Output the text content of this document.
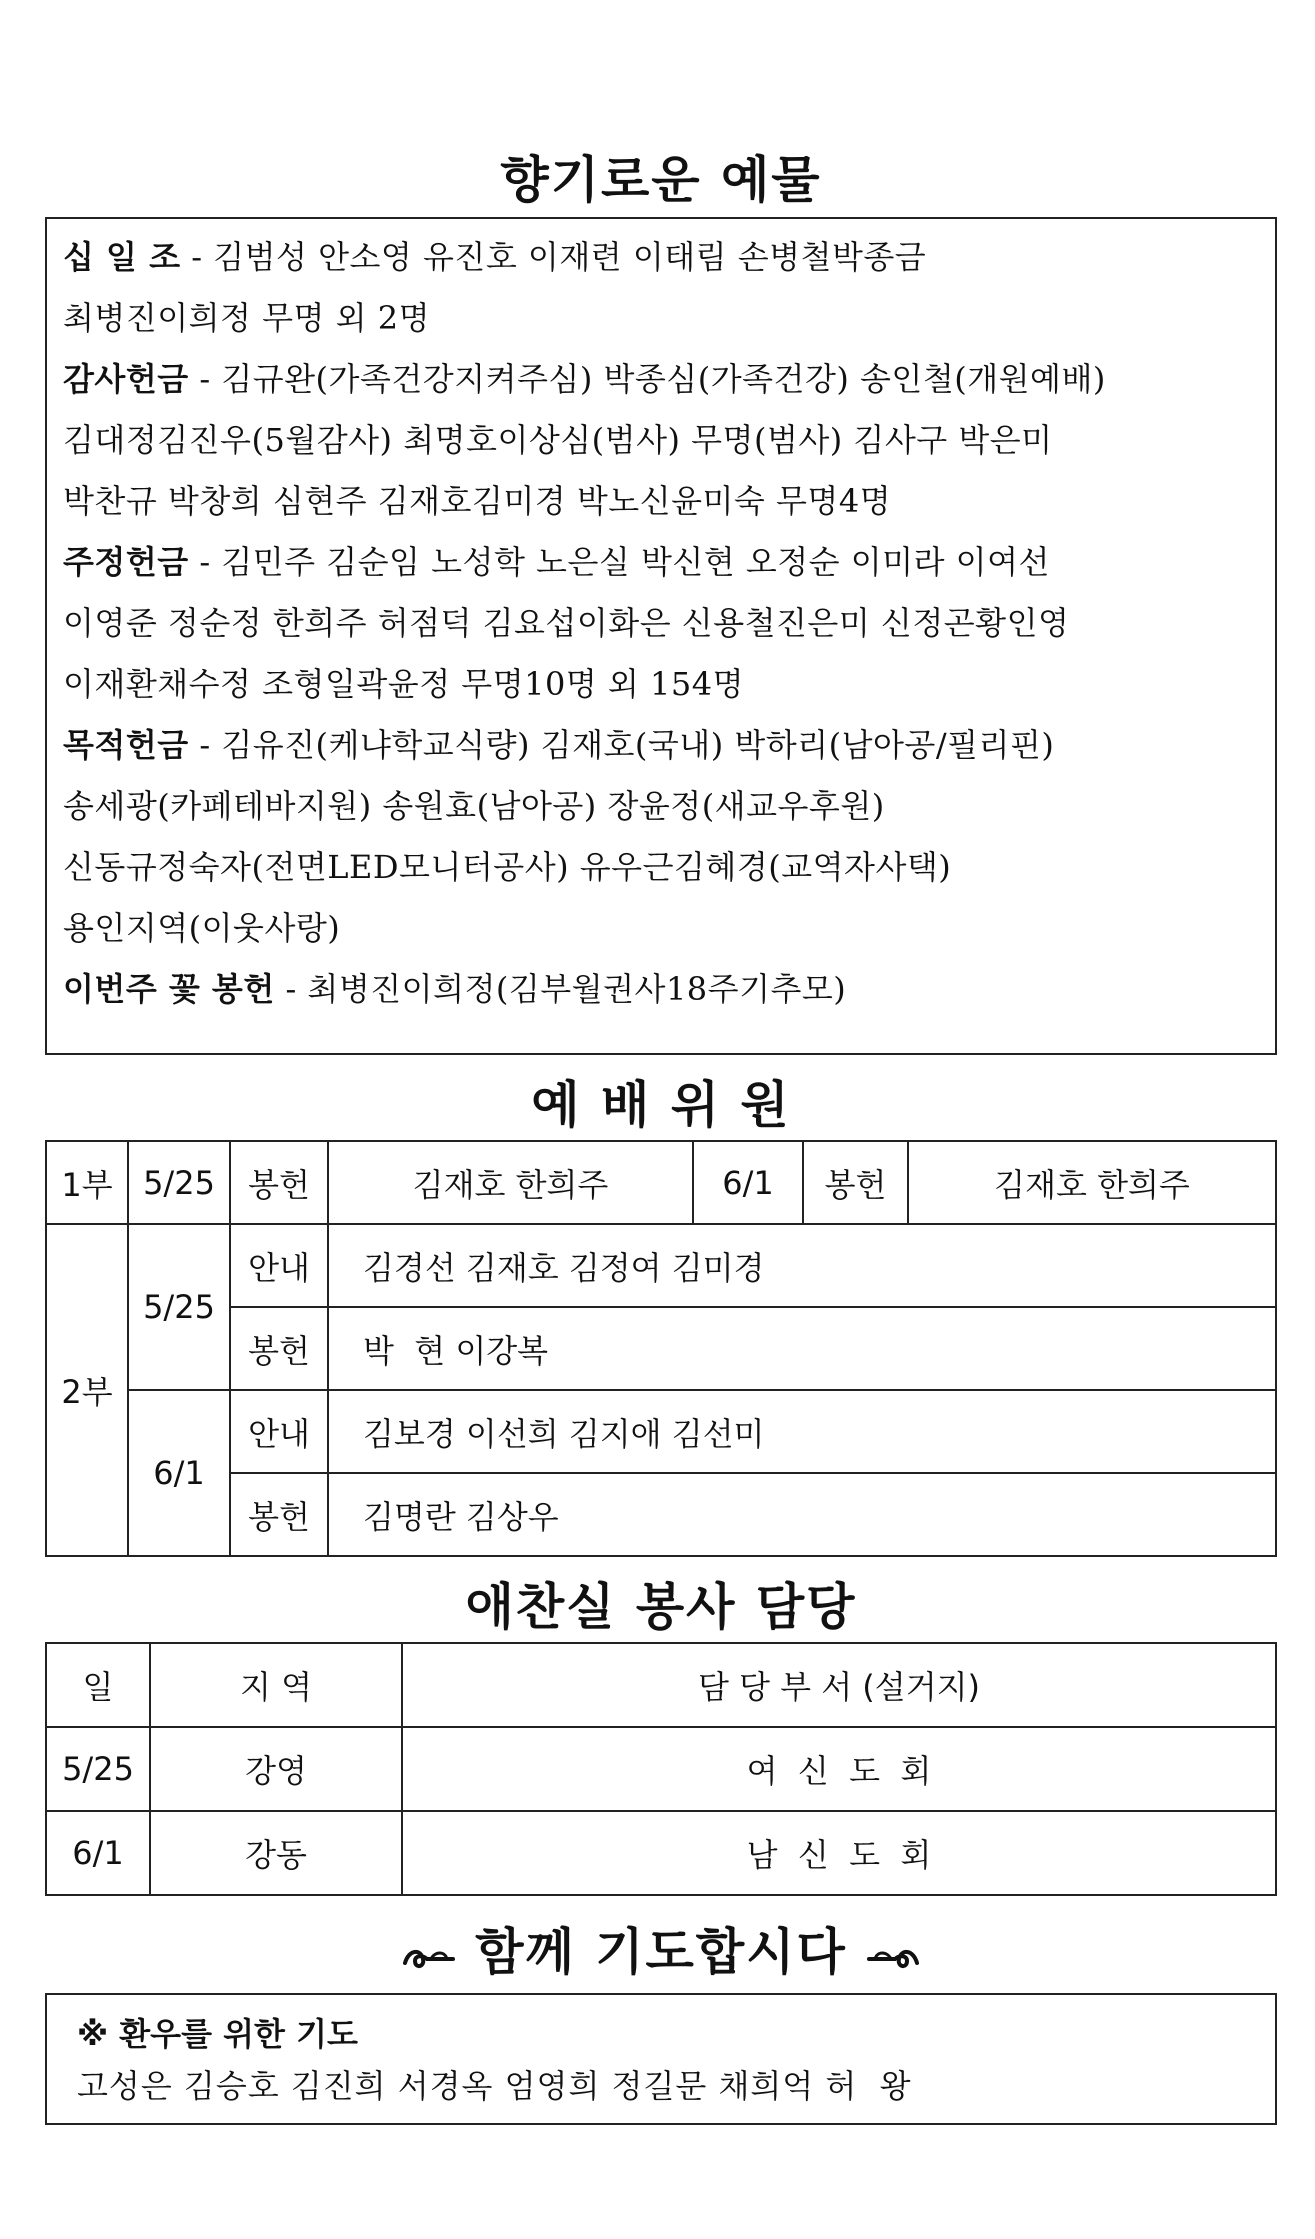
향기로운 예물
십 일 조 - 김범성 안소영 유진호 이재련 이태림 손병철박종금
최병진이희정 무명 외 2명
감사헌금 - 김규완(가족건강지켜주심) 박종심(가족건강) 송인철(개원예배)
김대정김진우(5월감사) 최명호이상심(범사) 무명(범사) 김사구 박은미
박찬규 박창희 심현주 김재호김미경 박노신윤미숙 무명4명
주정헌금 - 김민주 김순임 노성학 노은실 박신현 오정순 이미라 이여선
이영준 정순정 한희주 허점덕 김요섭이화은 신용철진은미 신정곤황인영
이재환채수정 조형일곽윤정 무명10명 외 154명
목적헌금 - 김유진(케냐학교식량) 김재호(국내) 박하리(남아공/필리핀)
송세광(카페테바지원) 송원효(남아공) 장윤정(새교우후원)
신동규정숙자(전면LED모니터공사) 유우근김혜경(교역자사택)
용인지역(이웃사랑)
이번주 꽃 봉헌 - 최병진이희정(김부월권사18주기추모)
예 배 위 원
1부	5/25	봉헌	김재호 한희주	6/1	봉헌	김재호 한희주
2부	5/25	안내	김경선 김재호 김정여 김미경			
		봉헌	박  현 이강복			
	6/1	안내	김보경 이선희 김지애 김선미			
		봉헌	김명란 김상우			
애찬실 봉사 담당
일	지 역	담 당 부 서 (설거지)
5/25	강영	여  신  도  회
6/1	강동	남  신  도  회
함께 기도합시다
※ 환우를 위한 기도
고성은 김승호 김진희 서경옥 엄영희 정길문 채희억 허  왕
